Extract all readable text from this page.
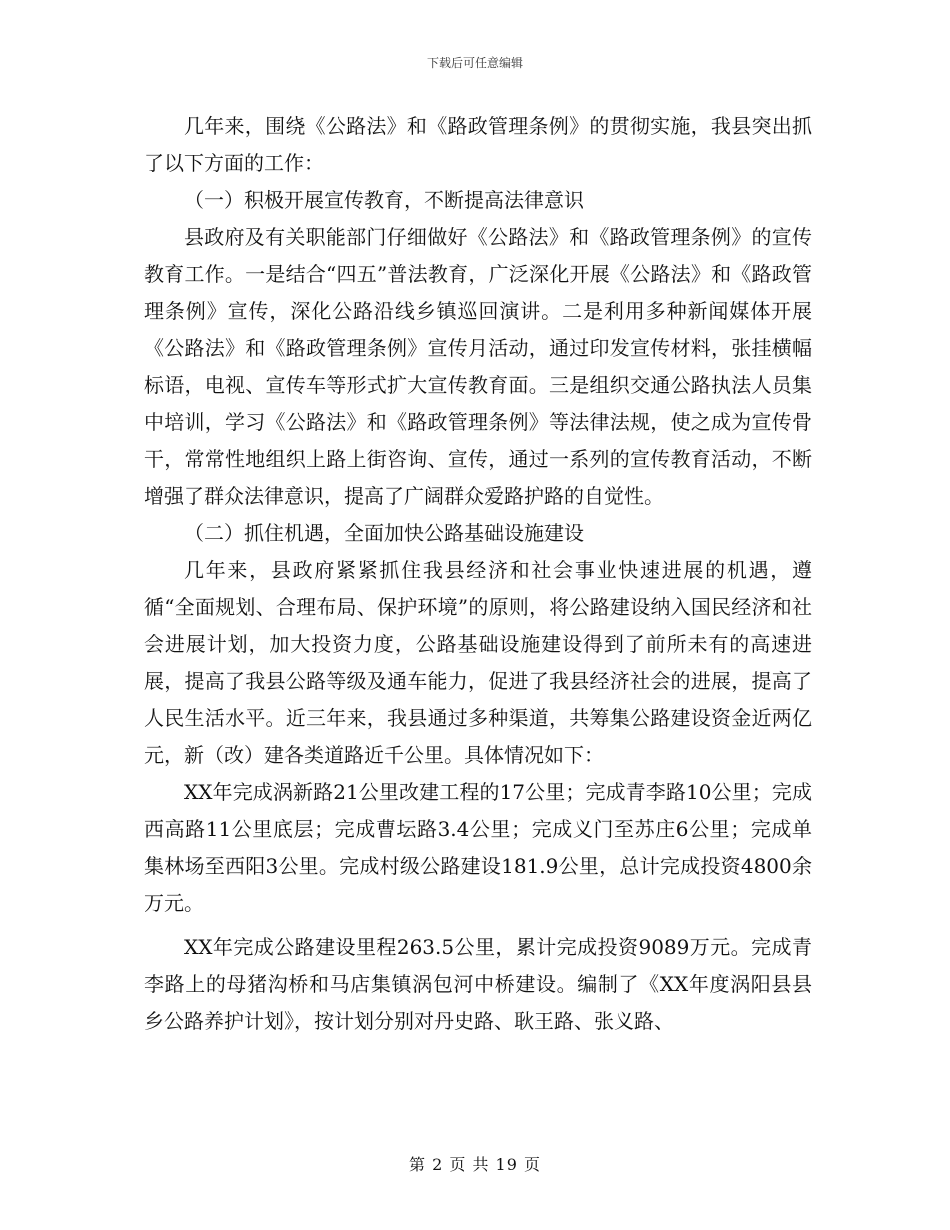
下载后可任意编辑

几年来，围绕《公路法》和《路政管理条例》的贯彻实施，我县突出抓了以下方面的工作：

（一）积极开展宣传教育，不断提高法律意识

县政府及有关职能部门仔细做好《公路法》和《路政管理条例》的宣传教育工作。一是结合“四五”普法教育，广泛深化开展《公路法》和《路政管理条例》宣传，深化公路沿线乡镇巡回演讲。二是利用多种新闻媒体开展《公路法》和《路政管理条例》宣传月活动，通过印发宣传材料，张挂横幅标语，电视、宣传车等形式扩大宣传教育面。三是组织交通公路执法人员集中培训，学习《公路法》和《路政管理条例》等法律法规，使之成为宣传骨干，常常性地组织上路上街咨询、宣传，通过一系列的宣传教育活动，不断增强了群众法律意识，提高了广阔群众爱路护路的自觉性。

（二）抓住机遇，全面加快公路基础设施建设

几年来，县政府紧紧抓住我县经济和社会事业快速进展的机遇，遵循“全面规划、合理布局、保护环境”的原则，将公路建设纳入国民经济和社会进展计划，加大投资力度，公路基础设施建设得到了前所未有的高速进展，提高了我县公路等级及通车能力，促进了我县经济社会的进展，提高了人民生活水平。近三年来，我县通过多种渠道，共筹集公路建设资金近两亿元，新（改）建各类道路近千公里。具体情况如下：

XX年完成涡新路21公里改建工程的17公里；完成青李路10公里；完成西高路11公里底层；完成曹坛路3.4公里；完成义门至苏庄6公里；完成单集林场至西阳3公里。完成村级公路建设181.9公里，总计完成投资4800余万元。

XX年完成公路建设里程263.5公里，累计完成投资9089万元。完成青李路上的母猪沟桥和马店集镇涡包河中桥建设。编制了《XX年度涡阳县县乡公路养护计划》，按计划分别对丹史路、耿王路、张义路、

第 2 页 共 19 页
